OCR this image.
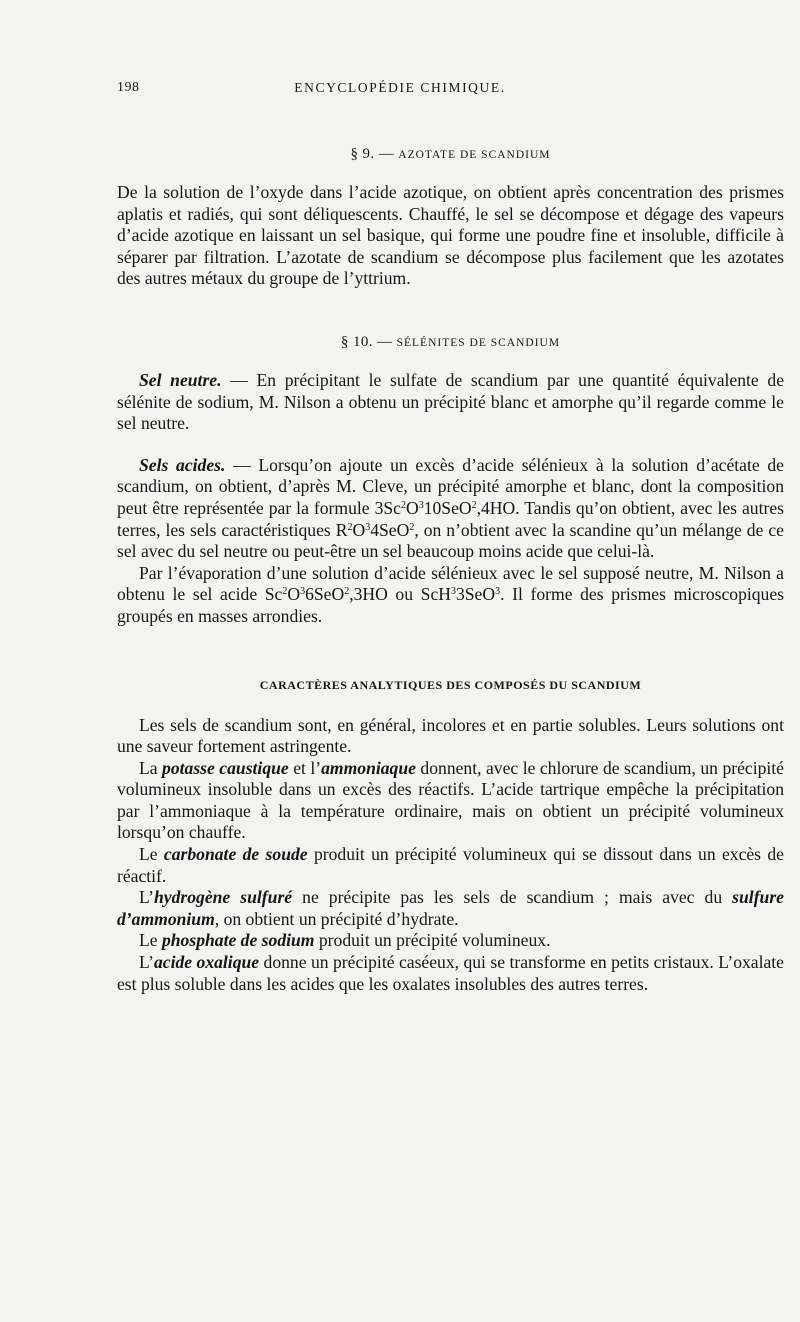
198	ENCYCLOPÉDIE CHIMIQUE.
§ 9. — AZOTATE DE SCANDIUM

De la solution de l’oxyde dans l’acide azotique, on obtient après concentration des prismes aplatis et radiés, qui sont déliquescents. Chauffé, le sel se décompose et dégage des vapeurs d’acide azotique en laissant un sel basique, qui forme une poudre fine et insoluble, difficile à séparer par filtration. L’azotate de scandium se décompose plus facilement que les azotates des autres métaux du groupe de l’yttrium.

§ 10. — SÉLÉNITES DE SCANDIUM

Sel neutre. — En précipitant le sulfate de scandium par une quantité équivalente de sélénite de sodium, M. Nilson a obtenu un précipité blanc et amorphe qu’il regarde comme le sel neutre.

Sels acides. — Lorsqu’on ajoute un excès d’acide sélénieux à la solution d’acétate de scandium, on obtient, d’après M. Cleve, un précipité amorphe et blanc, dont la composition peut être représentée par la formule $3Sc^2O^310SeO^2,4HO$. Tandis qu’on obtient, avec les autres terres, les sels caractéristiques $R^2O^34SeO^2$, on n’obtient avec la scandine qu’un mélange de ce sel avec du sel neutre ou peut-être un sel beaucoup moins acide que celui-là.

Par l’évaporation d’une solution d’acide sélénieux avec le sel supposé neutre, M. Nilson a obtenu le sel acide $Sc^2O^36SeO^2,3HO$ ou ScH$^3$3SeO$^3$. Il forme des prismes microscopiques groupés en masses arrondies.

CARACTÈRES ANALYTIQUES DES COMPOSÉS DU SCANDIUM

Les sels de scandium sont, en général, incolores et en partie solubles. Leurs solutions ont une saveur fortement astringente.

La potasse caustique et l’ammoniaque donnent, avec le chlorure de scandium, un précipité volumineux insoluble dans un excès des réactifs. L’acide tartrique empêche la précipitation par l’ammoniaque à la température ordinaire, mais on obtient un précipité volumineux lorsqu’on chauffe.

Le carbonate de soude produit un précipité volumineux qui se dissout dans un excès de réactif.

L’hydrogène sulfuré ne précipite pas les sels de scandium ; mais avec du sulfure d’ammonium, on obtient un précipité d’hydrate.

Le phosphate de sodium produit un précipité volumineux.

L’acide oxalique donne un précipité caséeux, qui se transforme en petits cristaux. L’oxalate est plus soluble dans les acides que les oxalates insolubles des autres terres.
